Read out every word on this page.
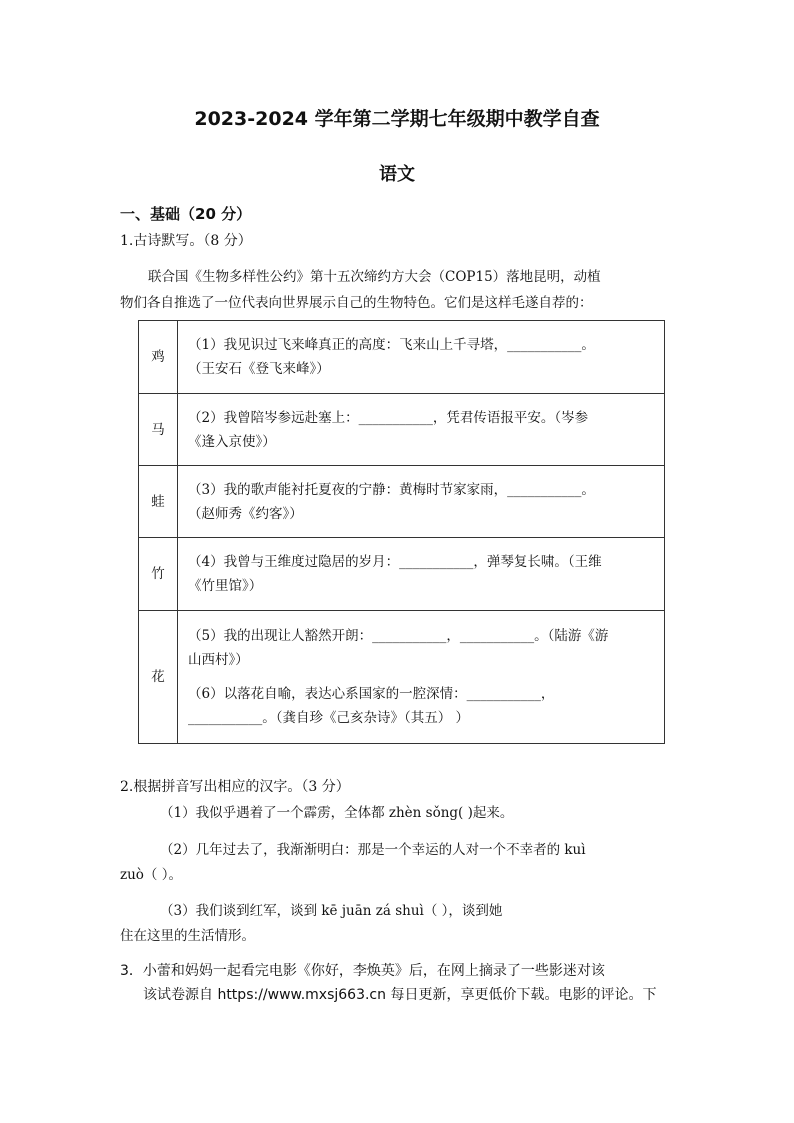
2023-2024 学年第二学期七年级期中教学自查
语文
一、基础（20 分）
1.古诗默写。（8 分）
联合国《生物多样性公约》第十五次缔约方大会（COP15）落地昆明，动植
物们各自推选了一位代表向世界展示自己的生物特色。它们是这样毛遂自荐的：
鸡	（1）我见识过飞来峰真正的高度：飞来山上千寻塔，___________。

（王安石《登飞来峰》）

马	（2）我曾陪岑参远赴塞上：___________，凭君传语报平安。（岑参

《逢入京使》）

蛙	（3）我的歌声能衬托夏夜的宁静：黄梅时节家家雨，___________。

（赵师秀《约客》）

竹	（4）我曾与王维度过隐居的岁月：___________，弹琴复长啸。（王维

《竹里馆》）

花	（5）我的出现让人豁然开朗：___________，___________。（陆游《游

山西村》）

（6）以落花自喻，表达心系国家的一腔深情：___________，

___________。（龚自珍《己亥杂诗》（其五） ）

2.根据拼音写出相应的汉字。（3 分）
（1）我似乎遇着了一个霹雳，全体都 zhèn sǒng( )起来。
（2）几年过去了，我渐渐明白：那是一个幸运的人对一个不幸者的 kuì
zuò（ ）。
（3）我们谈到红军，谈到 kē juān zá shuì（ ），谈到她
住在这里的生活情形。
3．小蕾和妈妈一起看完电影《你好，李焕英》后，在网上摘录了一些影迷对该
该试卷源自 https://www.mxsj663.cn 每日更新，享更低价下载。电影的评论。下
